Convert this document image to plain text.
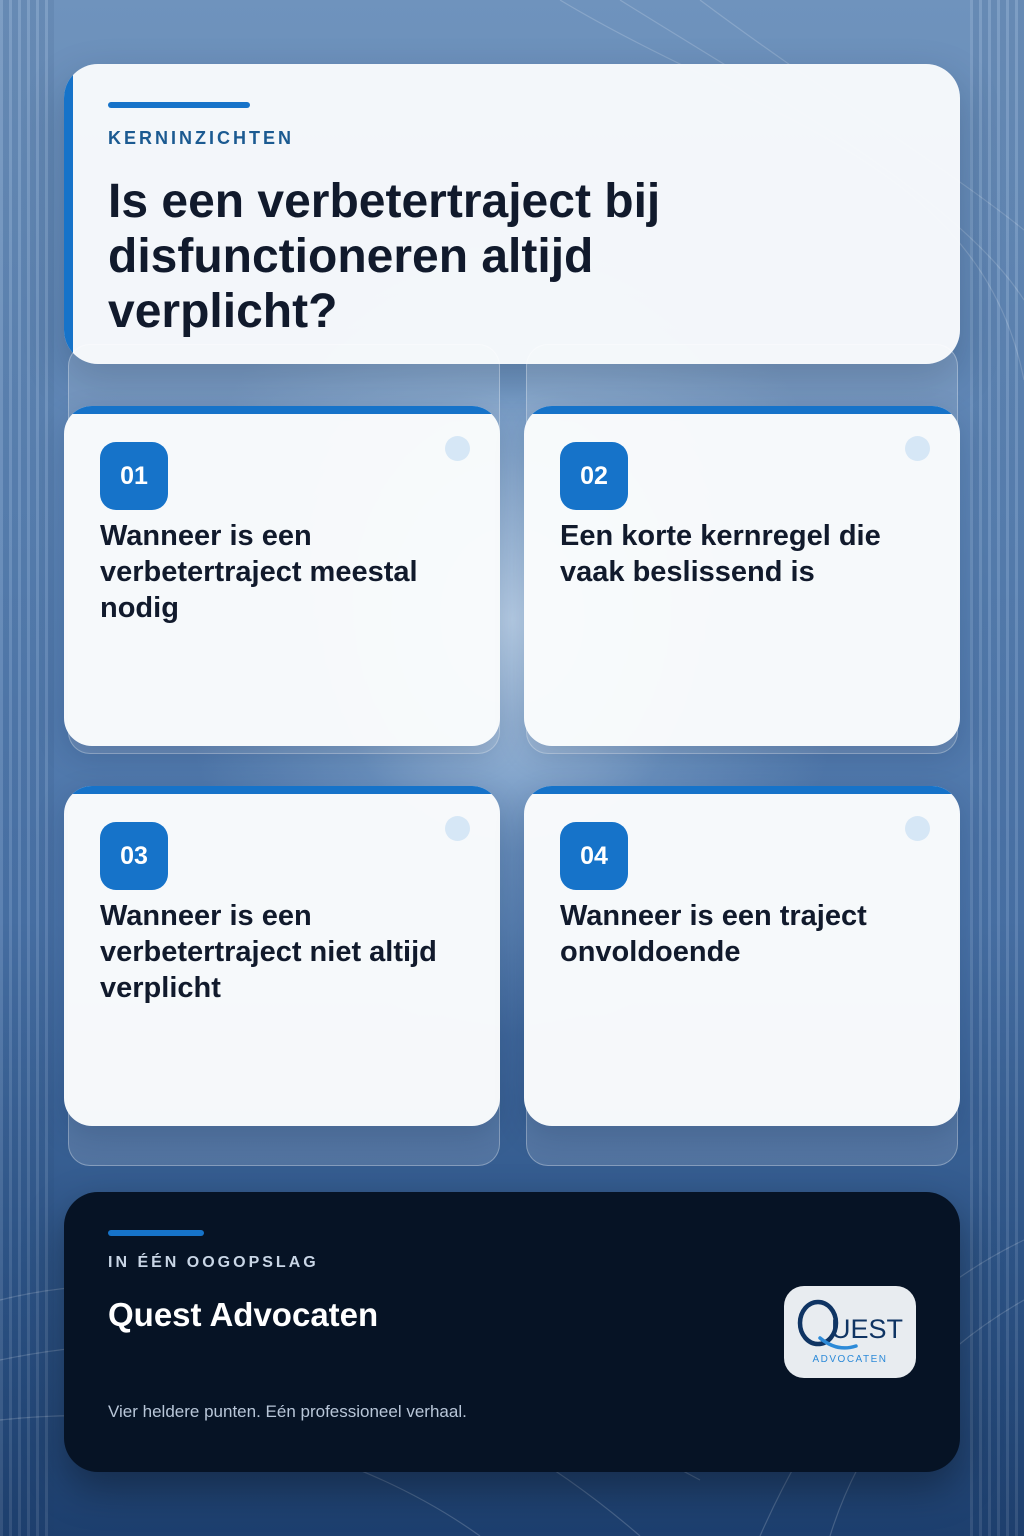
KERNINZICHTEN
Is een verbetertraject bij disfunctioneren altijd verplicht?
01
Wanneer is een verbetertraject meestal nodig
02
Een korte kernregel die vaak beslissend is
03
Wanneer is een verbetertraject niet altijd verplicht
04
Wanneer is een traject onvoldoende
IN ÉÉN OOGOPSLAG
Quest Advocaten
Vier heldere punten. Eén professioneel verhaal.
UEST
ADVOCATEN
